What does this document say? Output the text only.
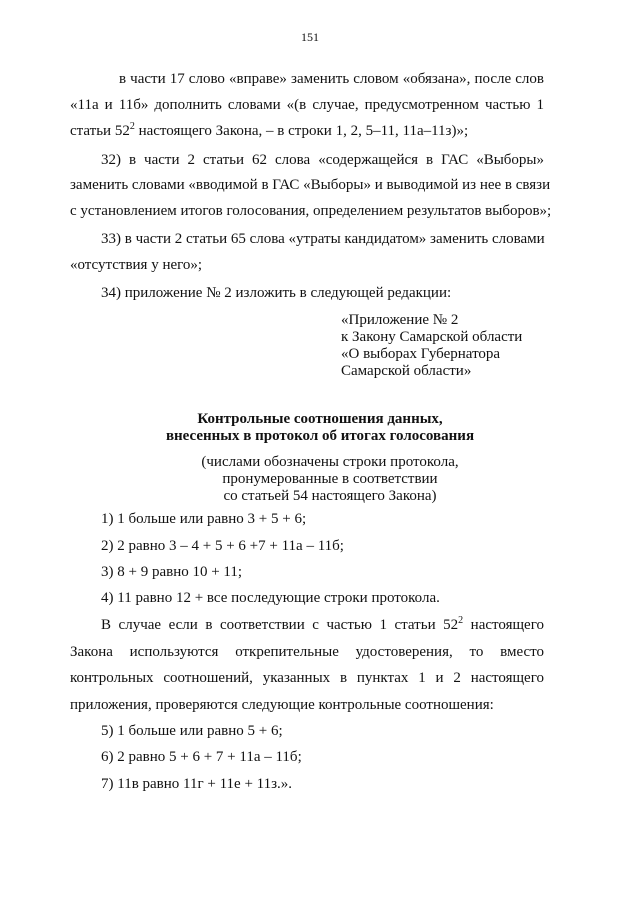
151
в части 17 слово «вправе» заменить словом «обязана», после слов
«11а и 11б» дополнить словами «(в случае, предусмотренном частью 1
статьи $52^2$ настоящего Закона, – в строки 1, 2, 5–11, 11а–11з)»;
32) в части 2 статьи 62 слова «содержащейся в ГАС «Выборы»
заменить словами «вводимой в ГАС «Выборы» и выводимой из нее в связи
с установлением итогов голосования, определением результатов выборов»;
33) в части 2 статьи 65 слова «утраты кандидатом» заменить словами
«отсутствия у него»;
34) приложение № 2 изложить в следующей редакции:
«Приложение № 2
к Закону Самарской области
«О выборах Губернатора
Самарской области»
Контрольные соотношения данных,
внесенных в протокол об итогах голосования
(числами обозначены строки протокола,
пронумерованные в соответствии
со статьей 54 настоящего Закона)
1) 1 больше или равно 3 + 5 + 6;
2) 2 равно 3 – 4 + 5 + 6 +7 + 11а – 11б;
3) 8 + 9 равно 10 + 11;
4) 11 равно 12 + все последующие строки протокола.
В случае если в соответствии с частью 1 статьи $52^2$ настоящего
Закона используются открепительные удостоверения, то вместо
контрольных соотношений, указанных в пунктах 1 и 2 настоящего
приложения, проверяются следующие контрольные соотношения:
5) 1 больше или равно 5 + 6;
6) 2 равно 5 + 6 + 7 + 11а – 11б;
7) 11в равно 11г + 11е + 11з.».
